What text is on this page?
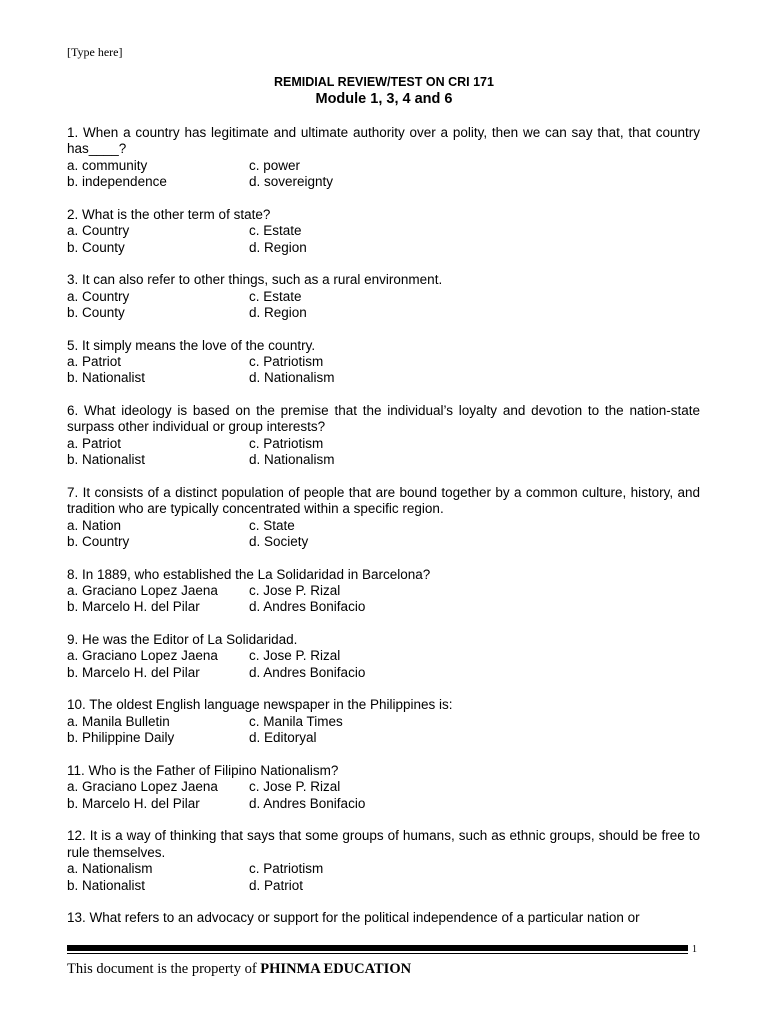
[Type here]
REMIDIAL REVIEW/TEST ON CRI 171
Module 1, 3, 4 and 6
1. When a country has legitimate and ultimate authority over a polity, then we can say that, that country has____?
a. community	c. power
b. independence	d. sovereignty
2. What is the other term of state?
a. Country	c. Estate
b. County	d. Region
3. It can also refer to other things, such as a rural environment.
a. Country	c. Estate
b. County	d. Region
5. It simply means the love of the country.
a. Patriot	c. Patriotism
b. Nationalist	d. Nationalism
6. What ideology is based on the premise that the individual’s loyalty and devotion to the nation-state surpass other individual or group interests?
a. Patriot	c. Patriotism
b. Nationalist	d. Nationalism
7. It consists of a distinct population of people that are bound together by a common culture, history, and tradition who are typically concentrated within a specific region.
a. Nation	c. State
b. Country	d. Society
8. In 1889, who established the La Solidaridad in Barcelona?
a. Graciano Lopez Jaena	c. Jose P. Rizal
b. Marcelo H. del Pilar	d. Andres Bonifacio
9. He was the Editor of La Solidaridad.
a. Graciano Lopez Jaena	c. Jose P. Rizal
b. Marcelo H. del Pilar	d. Andres Bonifacio
10. The oldest English language newspaper in the Philippines is:
a. Manila Bulletin	c. Manila Times
b. Philippine Daily	d. Editoryal
11. Who is the Father of Filipino Nationalism?
a. Graciano Lopez Jaena	c. Jose P. Rizal
b. Marcelo H. del Pilar	d. Andres Bonifacio
12. It is a way of thinking that says that some groups of humans, such as ethnic groups, should be free to rule themselves.
a. Nationalism	c. Patriotism
b. Nationalist	d. Patriot
13. What refers to an advocacy or support for the political independence of a particular nation or
1
This document is the property of PHINMA EDUCATION
